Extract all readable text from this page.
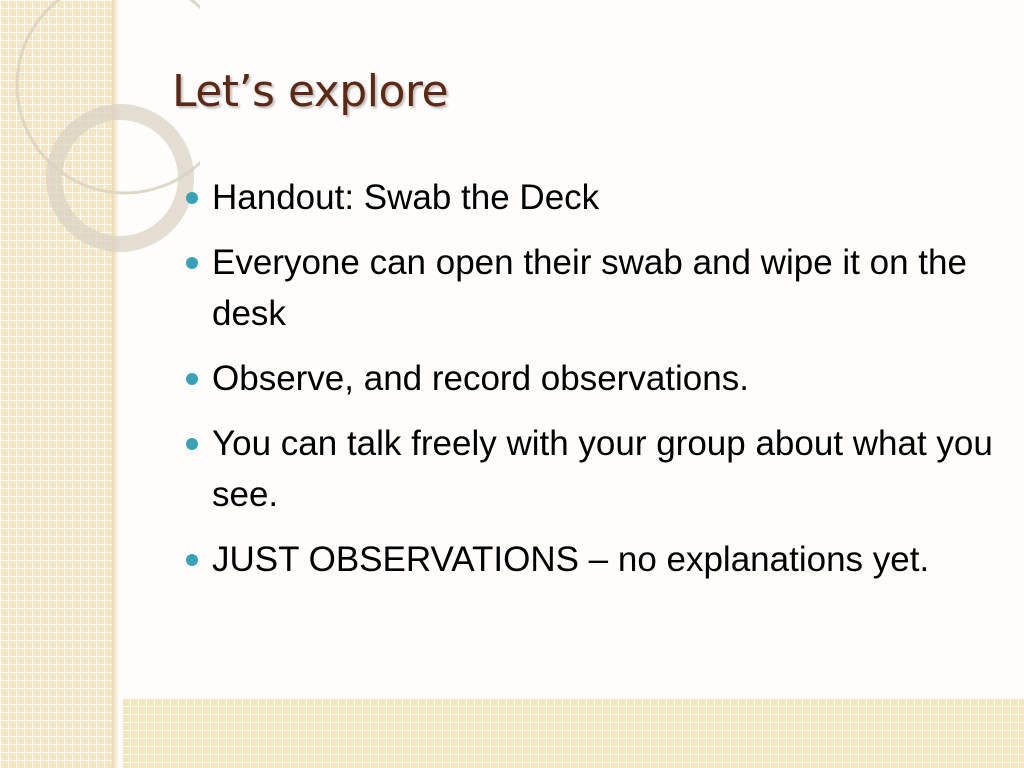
Let’s explore
Handout: Swab the Deck
Everyone can open their swab and wipe it on the desk
Observe, and record observations.
You can talk freely with your group about what you see.
JUST OBSERVATIONS – no explanations yet.
